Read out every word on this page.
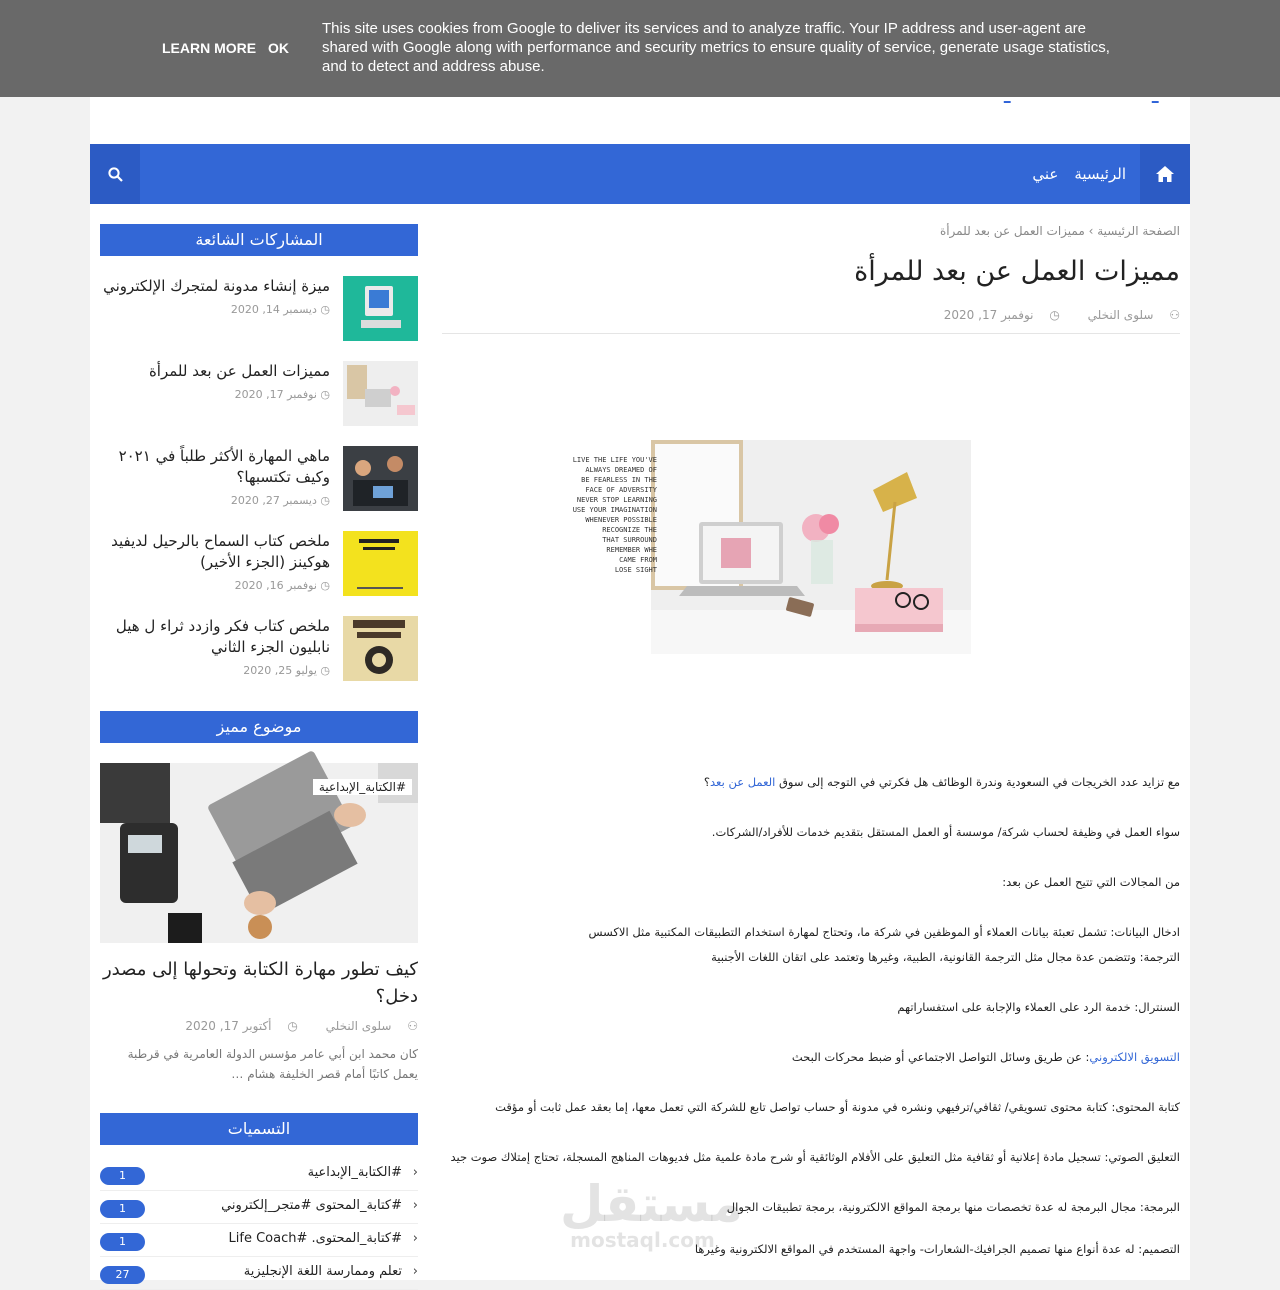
الرئيسية
عني
الصفحة الرئيسية › مميزات العمل عن بعد للمرأة
مميزات العمل عن بعد للمرأة
⚇ سلوى النخلي ◷ نوفمبر 17, 2020
LIVE THE LIFE YOU'VE
ALWAYS DREAMED OF
BE FEARLESS IN THE
FACE OF ADVERSITY
NEVER STOP LEARNING
USE YOUR IMAGINATION
WHENEVER POSSIBLE
RECOGNIZE THE
THAT SURROUND
REMEMBER WHE
CAME FROM
LOSE SIGHT
مع تزايد عدد الخريجات في السعودية وندرة الوظائف هل فكرتي في التوجه إلى سوق العمل عن بعد؟
سواء العمل في وظيفة لحساب شركة/ موسسة أو العمل المستقل بتقديم خدمات للأفراد/الشركات.
من المجالات التي تتيح العمل عن بعد:
ادخال البيانات: تشمل تعبئة بيانات العملاء أو الموظفين في شركة ما، وتحتاج لمهارة استخدام التطبيقات المكتبية مثل الاكسس
الترجمة: وتتضمن عدة مجال مثل الترجمة القانونية، الطبية، وغيرها وتعتمد على اتقان اللغات الأجنبية
السنترال: خدمة الرد على العملاء والإجابة على استفساراتهم
التسويق الالكتروني: عن طريق وسائل التواصل الاجتماعي أو ضبط محركات البحث
كتابة المحتوى: كتابة محتوى تسويقي/ ثقافي/ترفيهي ونشره في مدونة أو حساب تواصل تابع للشركة التي تعمل معها، إما بعقد عمل ثابت أو مؤقت
التعليق الصوتي: تسجيل مادة إعلانية أو ثقافية مثل التعليق على الأفلام الوثائقية أو شرح مادة علمية مثل فديوهات المناهج المسجلة، تحتاج إمتلاك صوت جيد
البرمجة: مجال البرمجة له عدة تخصصات منها برمجة المواقع الالكترونية، برمجة تطبيقات الجوال
التصميم: له عدة أنواع منها تصميم الجرافيك-الشعارات- واجهة المستخدم في المواقع الالكترونية وغيرها
المشاركات الشائعة
ميزة إنشاء مدونة لمتجرك الإلكتروني
◷ ديسمبر 14, 2020
مميزات العمل عن بعد للمرأة
◷ نوفمبر 17, 2020
ماهي المهارة الأكثر طلباً في ٢٠٢١ وكيف تكتسبها؟
◷ ديسمبر 27, 2020
ملخص كتاب السماح بالرحيل لديفيد هوكينز (الجزء الأخير)
◷ نوفمبر 16, 2020
ملخص كتاب فكر وازدد ثراء ل هيل نابليون الجزء الثاني
◷ يوليو 25, 2020
موضوع مميز
#الكتابة_الإبداعية
كيف تطور مهارة الكتابة وتحولها إلى مصدر دخل؟
⚇ سلوى النخلي ◷ أكتوبر 17, 2020
كان محمد ابن أبي عامر مؤسس الدولة العامرية في قرطبة يعمل كاتبًا أمام قصر الخليفة هشام …
التسميات
‹
#الكتابة_الإبداعية
1
‹
#كتابة_المحتوى #متجر_إلكتروني
1
‹
#كتابة_المحتوى. #Life Coach
1
‹
تعلم وممارسة اللغة الإنجليزية
27
مستقل
mostaql.com
LEARN MORE OK
This site uses cookies from Google to deliver its services and to analyze traffic. Your IP address and user-agent are shared with Google along with performance and security metrics to ensure quality of service, generate usage statistics, and to detect and address abuse.
